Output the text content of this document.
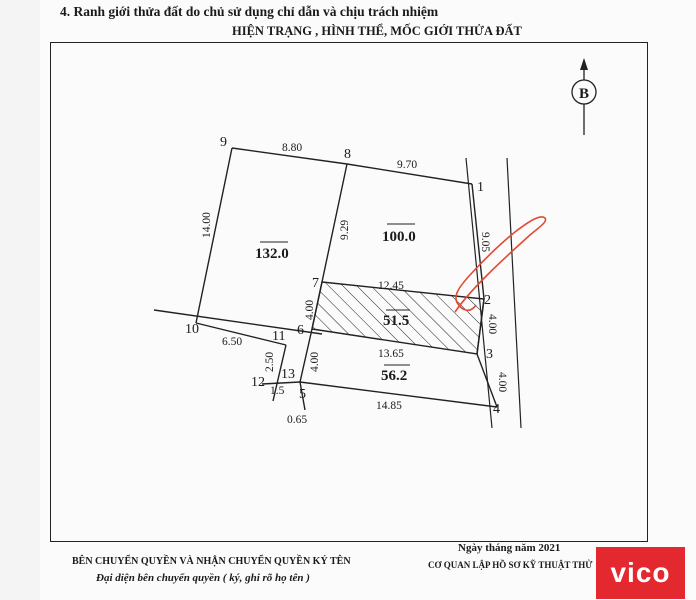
4. Ranh giới thửa đất do chủ sử dụng chỉ dẫn và chịu trách nhiệm
HIỆN TRẠNG , HÌNH THỂ, MỐC GIỚI THỬA ĐẤT
B
9
8
1
2
3
4
7
6
10	11
12
13
5
8.80
9.70
14.00	9.29
9.05
12.45
4.00
4.00
13.65
4.00
4.00
6.50
2.50
1.5
14.85
0.65
132.0
100.0
51.5
56.2
BÊN CHUYỂN QUYỀN VÀ NHẬN CHUYỂN QUYỀN KÝ TÊN
Đại diện bên chuyển quyền ( ký, ghi rõ họ tên )
Ngày tháng năm 2021
CƠ QUAN LẬP HỒ SƠ KỸ THUẬT THỬ vico
